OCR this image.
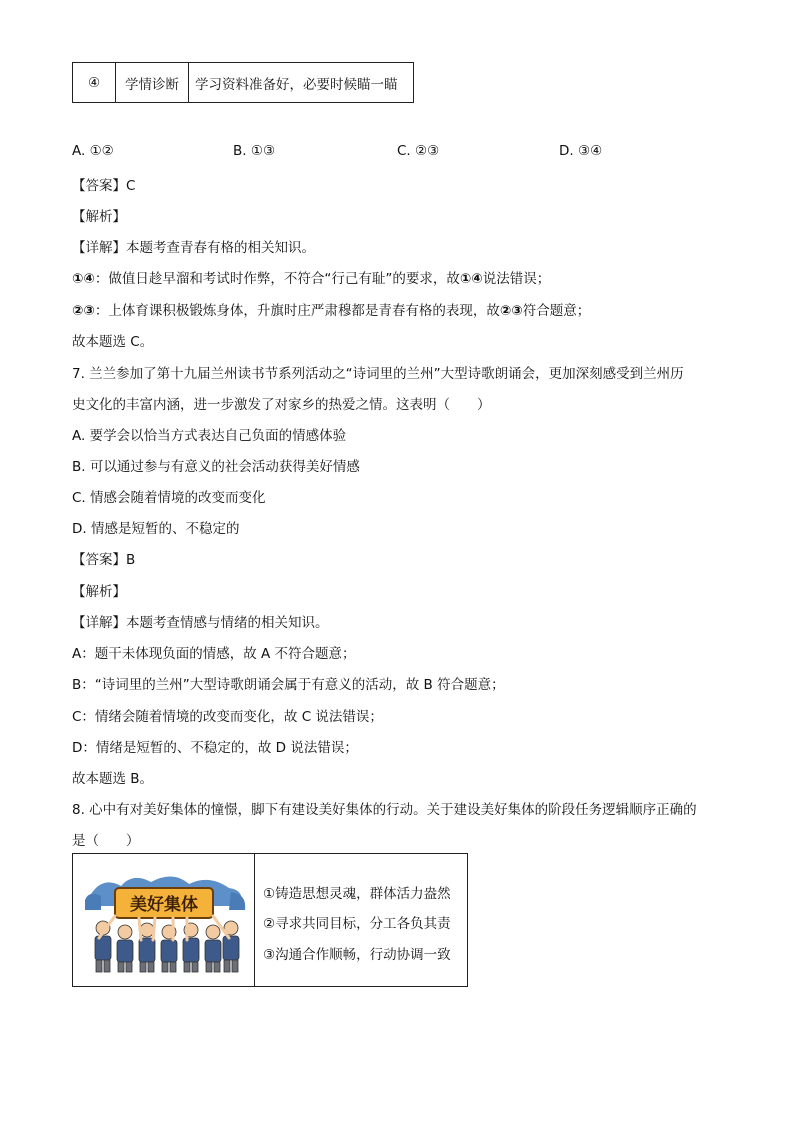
④	学情诊断	学习资料准备好，必要时候瞄一瞄
A. ①②	B. ①③	C. ②③	D. ③④
【答案】C
【解析】
【详解】本题考查青春有格的相关知识。
①④：做值日趁早溜和考试时作弊，不符合“行己有耻”的要求，故①④说法错误；
②③：上体育课积极锻炼身体，升旗时庄严肃穆都是青春有格的表现，故②③符合题意；
故本题选 C。
7. 兰兰参加了第十九届兰州读书节系列活动之“诗词里的兰州”大型诗歌朗诵会，更加深刻感受到兰州历
史文化的丰富内涵，进一步激发了对家乡的热爱之情。这表明（　　）
A. 要学会以恰当方式表达自己负面的情感体验
B. 可以通过参与有意义的社会活动获得美好情感
C. 情感会随着情境的改变而变化
D. 情感是短暂的、不稳定的
【答案】B
【解析】
【详解】本题考查情感与情绪的相关知识。
A：题干未体现负面的情感，故 A 不符合题意；
B：“诗词里的兰州”大型诗歌朗诵会属于有意义的活动，故 B 符合题意；
C：情绪会随着情境的改变而变化，故 C 说法错误；
D：情绪是短暂的、不稳定的，故 D 说法错误；
故本题选 B。
8. 心中有对美好集体的憧憬，脚下有建设美好集体的行动。关于建设美好集体的阶段任务逻辑顺序正确的
是（　　）
美好集体
①铸造思想灵魂，群体活力盎然
②寻求共同目标，分工各负其责
③沟通合作顺畅，行动协调一致
